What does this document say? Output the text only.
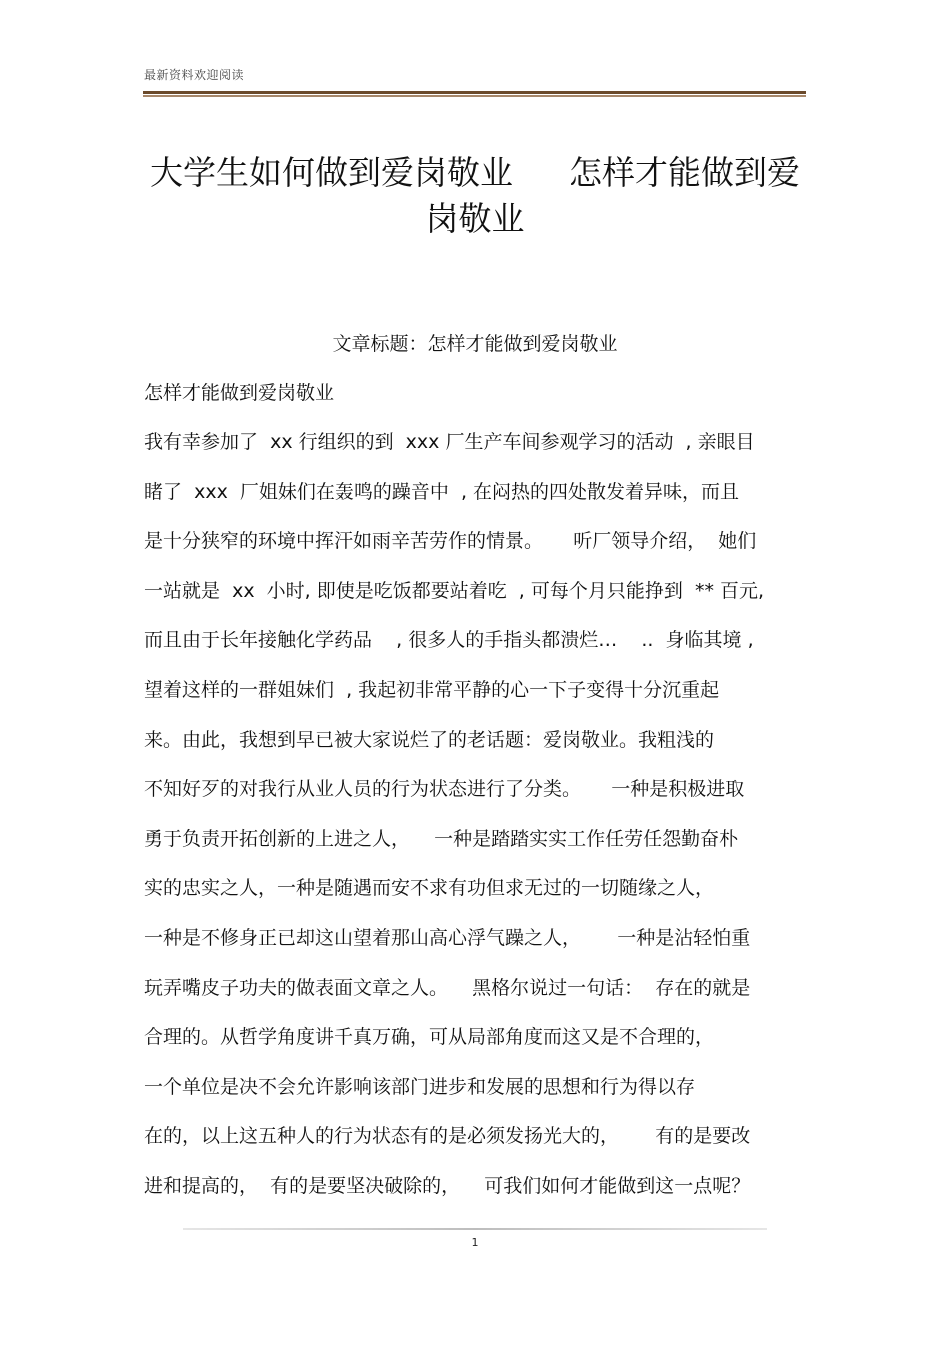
最新资料欢迎阅读
大学生如何做到爱岗敬业 怎样才能做到爱
岗敬业
文章标题：怎样才能做到爱岗敬业
怎样才能做到爱岗敬业
我有幸参加了  xx 行组织的到  xxx 厂生产车间参观学习的活动  , 亲眼目
睹了  xxx  厂姐妹们在轰鸣的躁音中  , 在闷热的四处散发着异味，而且
是十分狭窄的环境中挥汗如雨辛苦劳作的情景。     听厂领导介绍，  她们
一站就是  xx  小时, 即使是吃饭都要站着吃  , 可每个月只能挣到  ** 百元,
而且由于长年接触化学药品    , 很多人的手指头都溃烂…    ..  身临其境 ,
望着这样的一群姐妹们  , 我起初非常平静的心一下子变得十分沉重起
来。由此，我想到早已被大家说烂了的老话题：爱岗敬业。我粗浅的
不知好歹的对我行从业人员的行为状态进行了分类。     一种是积极进取
勇于负责开拓创新的上进之人，    一种是踏踏实实工作任劳任怨勤奋朴
实的忠实之人，一种是随遇而安不求有功但求无过的一切随缘之人，
一种是不修身正已却这山望着那山高心浮气躁之人，      一种是沾轻怕重
玩弄嘴皮子功夫的做表面文章之人。    黑格尔说过一句话：  存在的就是
合理的。从哲学角度讲千真万确，可从局部角度而这又是不合理的，
一个单位是决不会允许影响该部门进步和发展的思想和行为得以存
在的，以上这五种人的行为状态有的是必须发扬光大的，      有的是要改
进和提高的，  有的是要坚决破除的，    可我们如何才能做到这一点呢？
1
